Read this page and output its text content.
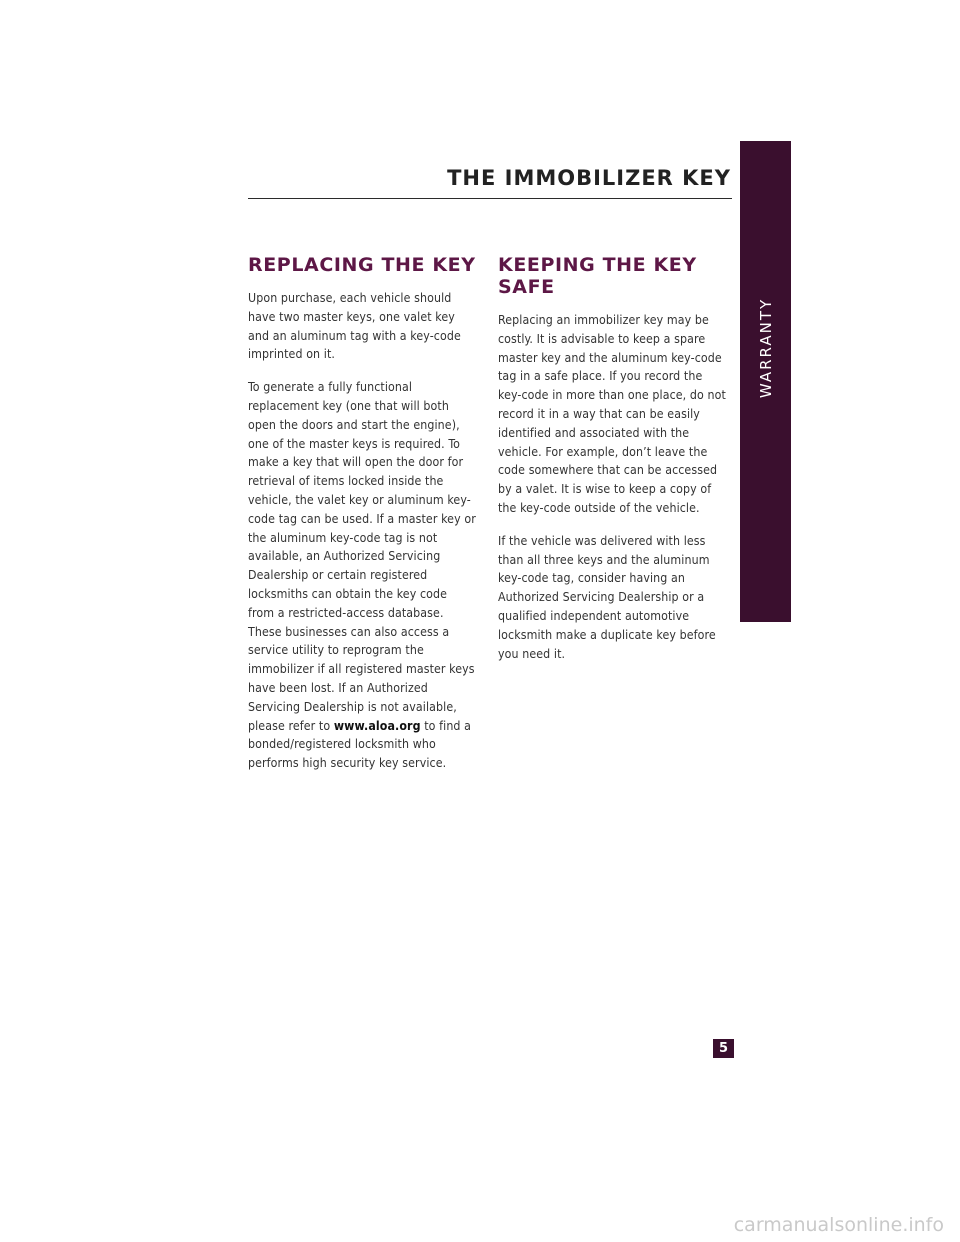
THE IMMOBILIZER KEY
WARRANTY
REPLACING THE KEY

Upon purchase, each vehicle should have two master keys, one valet key and an aluminum tag with a key-code imprinted on it.

To generate a fully functional replacement key (one that will both open the doors and start the engine), one of the master keys is required. To make a key that will open the door for retrieval of items locked inside the vehicle, the valet key or aluminum key-code tag can be used. If a master key or the aluminum key-code tag is not available, an Authorized Servicing Dealership or certain registered locksmiths can obtain the key code from a restricted-access database. These businesses can also access a service utility to reprogram the immobilizer if all registered master keys have been lost. If an Authorized Servicing Dealership is not available, please refer to www.aloa.org to find a bonded/registered locksmith who performs high security key service.

KEEPING THE KEY SAFE

Replacing an immobilizer key may be costly. It is advisable to keep a spare master key and the aluminum key-code tag in a safe place. If you record the key-code in more than one place, do not record it in a way that can be easily identified and associated with the vehicle. For example, don’t leave the code somewhere that can be accessed by a valet. It is wise to keep a copy of the key-code outside of the vehicle.

If the vehicle was delivered with less than all three keys and the aluminum key-code tag, consider having an Authorized Servicing Dealership or a qualified independent automotive locksmith make a duplicate key before you need it.

5
carmanualsonline.info
